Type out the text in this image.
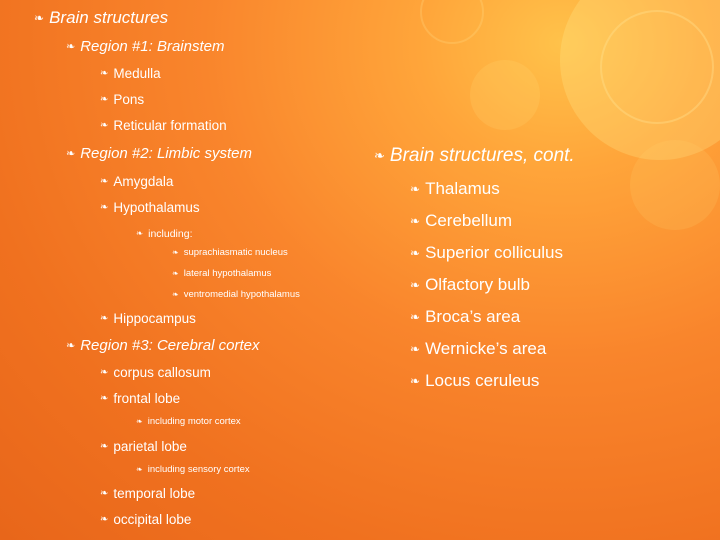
❧ Brain structures
❧ Region #1: Brainstem
❧ Medulla
❧ Pons
❧ Reticular formation
❧ Region #2: Limbic system
❧ Amygdala
❧ Hypothalamus
❧ including:
❧ suprachiasmatic nucleus
❧ lateral hypothalamus
❧ ventromedial hypothalamus
❧ Hippocampus
❧ Region #3: Cerebral cortex
❧ corpus callosum
❧ frontal lobe
❧ including motor cortex
❧ parietal lobe
❧ including sensory cortex
❧ temporal lobe
❧ occipital lobe
❧ Brain structures, cont.
❧ Thalamus
❧ Cerebellum
❧ Superior colliculus
❧ Olfactory bulb
❧ Broca’s area
❧ Wernicke’s area
❧ Locus ceruleus
